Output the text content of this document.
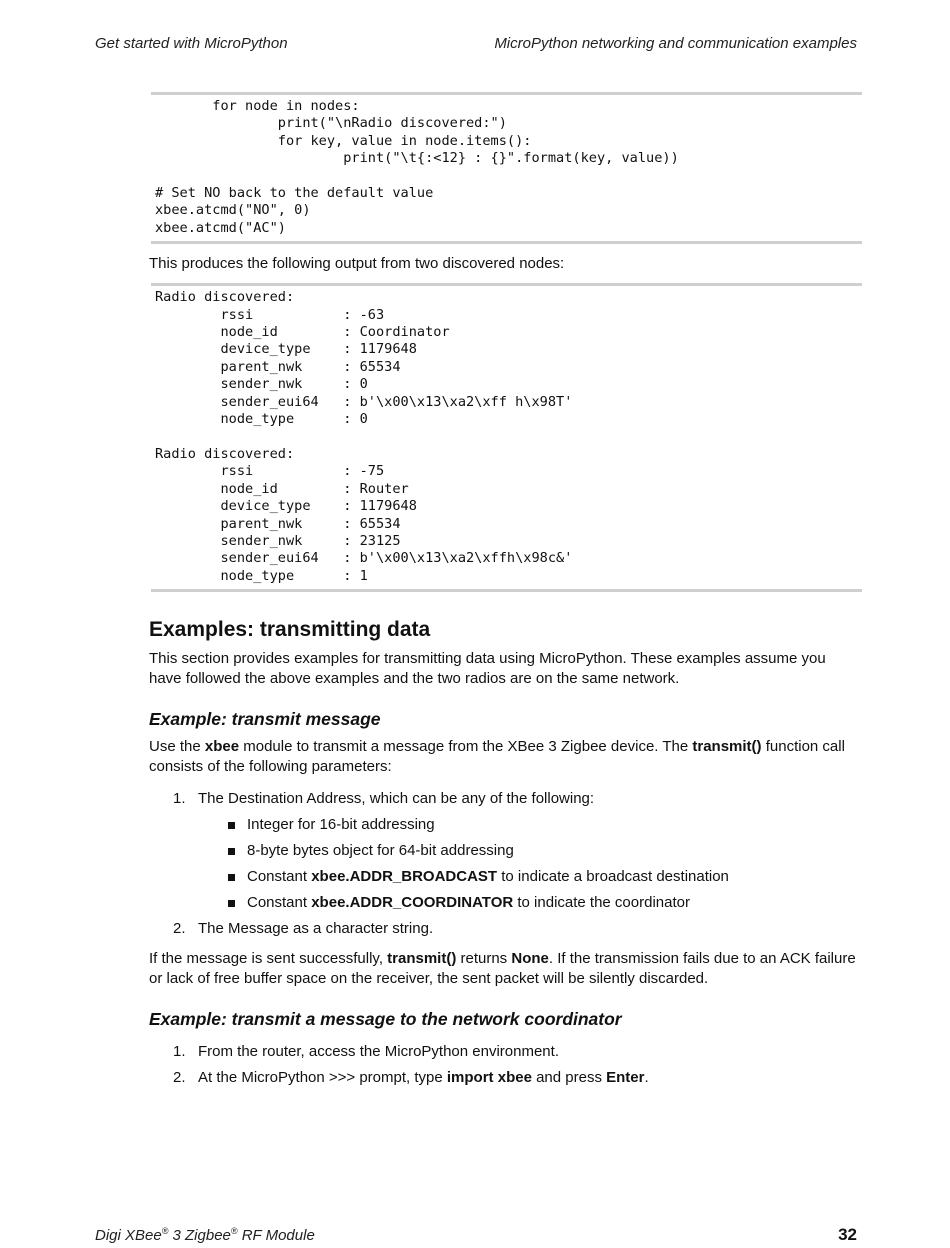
Get started with MicroPython	MicroPython networking and communication examples
for node in nodes:
print("\nRadio discovered:")
for key, value in node.items():
print("\t{:<12} : {}".format(key, value))

# Set NO back to the default value
xbee.atcmd("NO", 0)
xbee.atcmd("AC")

This produces the following output from two discovered nodes:

Radio discovered:
rssi           : -63
node_id        : Coordinator
device_type    : 1179648
parent_nwk     : 65534
sender_nwk     : 0
sender_eui64   : b'\x00\x13\xa2\xff h\x98T'
node_type      : 0

Radio discovered:
rssi           : -75
node_id        : Router
device_type    : 1179648
parent_nwk     : 65534
sender_nwk     : 23125
sender_eui64   : b'\x00\x13\xa2\xffh\x98c&'
node_type      : 1
Examples: transmitting data

This section provides examples for transmitting data using MicroPython. These examples assume you have followed the above examples and the two radios are on the same network.

Example: transmit message

Use the xbee module to transmit a message from the XBee 3 Zigbee device. The transmit() function call consists of the following parameters:

1. The Destination Address, which can be any of the following:
Integer for 16-bit addressing
8-byte bytes object for 64-bit addressing
Constant xbee.ADDR_BROADCAST to indicate a broadcast destination
Constant xbee.ADDR_COORDINATOR to indicate the coordinator
2. The Message as a character string.

If the message is sent successfully, transmit() returns None. If the transmission fails due to an ACK failure or lack of free buffer space on the receiver, the sent packet will be silently discarded.

Example: transmit a message to the network coordinator
1. From the router, access the MicroPython environment.
2. At the MicroPython >>> prompt, type import xbee and press Enter.
Digi XBee® 3 Zigbee® RF Module	32
